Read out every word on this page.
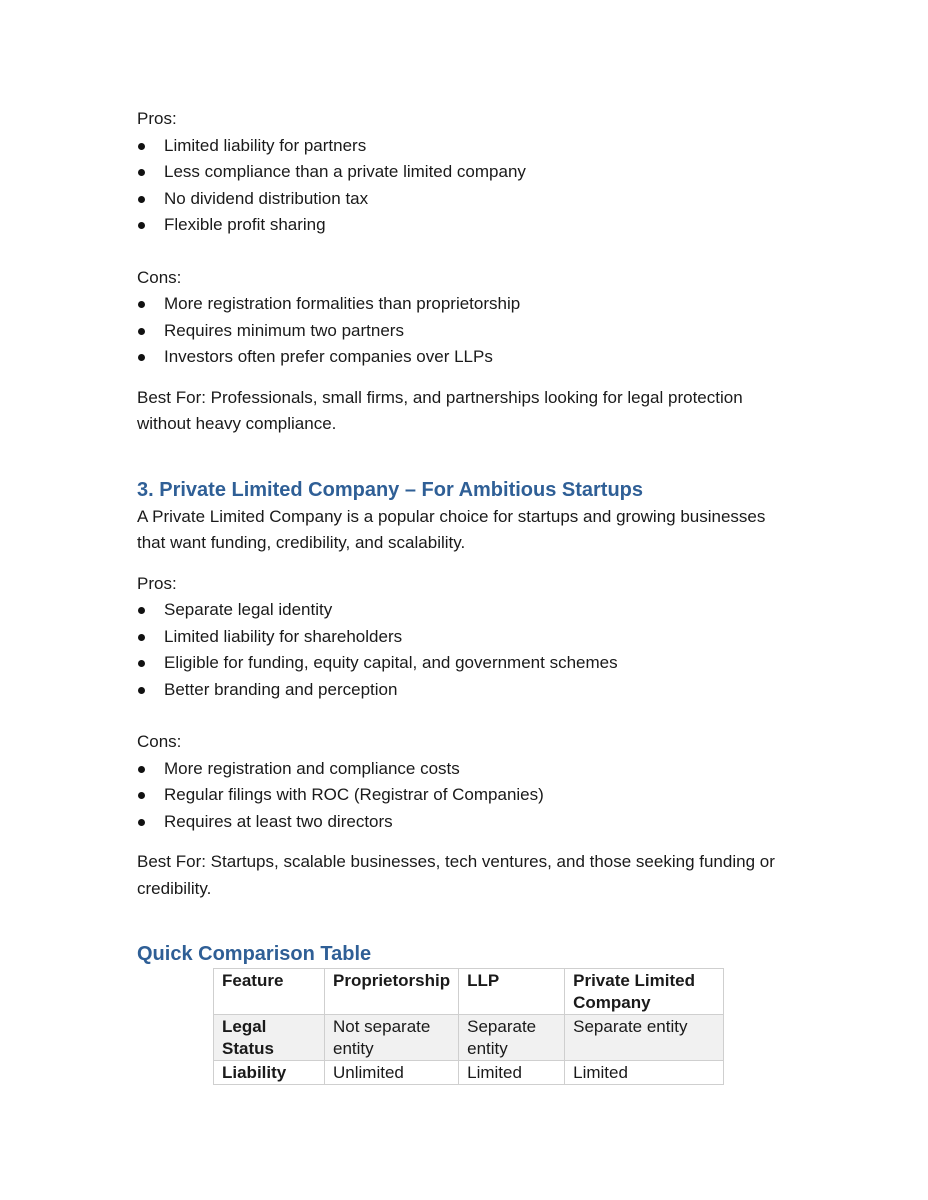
Pros:

Limited liability for partners
Less compliance than a private limited company
No dividend distribution tax
Flexible profit sharing

Cons:

More registration formalities than proprietorship
Requires minimum two partners
Investors often prefer companies over LLPs

Best For: Professionals, small firms, and partnerships looking for legal protection without heavy compliance.

3. Private Limited Company – For Ambitious Startups

A Private Limited Company is a popular choice for startups and growing businesses that want funding, credibility, and scalability.

Pros:

Separate legal identity
Limited liability for shareholders
Eligible for funding, equity capital, and government schemes
Better branding and perception

Cons:

More registration and compliance costs
Regular filings with ROC (Registrar of Companies)
Requires at least two directors

Best For: Startups, scalable businesses, tech ventures, and those seeking funding or credibility.

Quick Comparison Table
Feature	Proprietorship	LLP	Private Limited Company
Legal Status	Not separate entity	Separate entity	Separate entity
Liability	Unlimited	Limited	Limited
